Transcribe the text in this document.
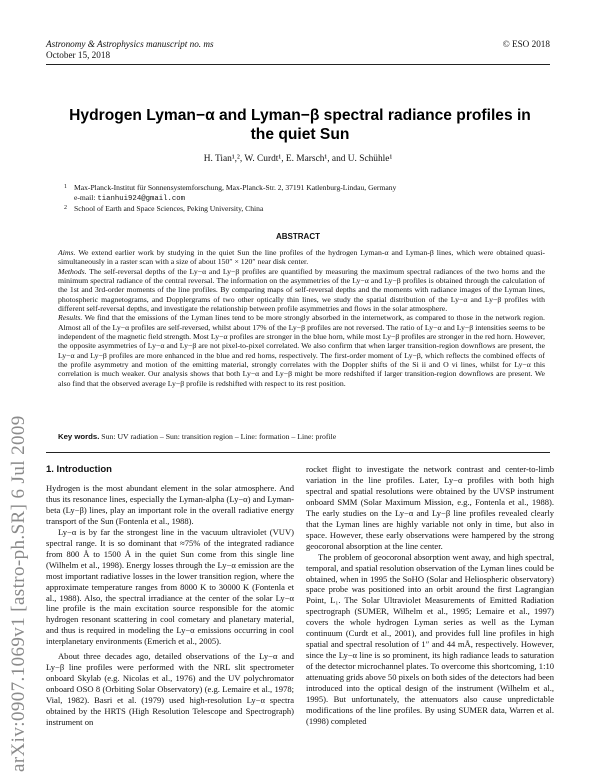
Astronomy & Astrophysics manuscript no. ms
October 15, 2018
© ESO 2018
arXiv:0907.1069v1 [astro-ph.SR] 6 Jul 2009
Hydrogen Lyman−α and Lyman−β spectral radiance profiles in the quiet Sun
H. Tian¹,², W. Curdt¹, E. Marsch¹, and U. Schühle¹
1 Max-Planck-Institut für Sonnensystemforschung, Max-Planck-Str. 2, 37191 Katlenburg-Lindau, Germany
e-mail: tianhui924@gmail.com
2 School of Earth and Space Sciences, Peking University, China
ABSTRACT

Aims. We extend earlier work by studying in the quiet Sun the line profiles of the hydrogen Lyman-α and Lyman-β lines, which were obtained quasi-simultaneously in a raster scan with a size of about 150″ × 120″ near disk center.

Methods. The self-reversal depths of the Ly−α and Ly−β profiles are quantified by measuring the maximum spectral radiances of the two horns and the minimum spectral radiance of the central reversal. The information on the asymmetries of the Ly−α and Ly−β profiles is obtained through the calculation of the 1st and 3rd-order moments of the line profiles. By comparing maps of self-reversal depths and the moments with radiance images of the Lyman lines, photospheric magnetograms, and Dopplergrams of two other optically thin lines, we study the spatial distribution of the Ly−α and Ly−β profiles with different self-reversal depths, and investigate the relationship between profile asymmetries and flows in the solar atmosphere.

Results. We find that the emissions of the Lyman lines tend to be more strongly absorbed in the internetwork, as compared to those in the network region. Almost all of the Ly−α profiles are self-reversed, whilst about 17% of the Ly−β profiles are not reversed. The ratio of Ly−α and Ly−β intensities seems to be independent of the magnetic field strength. Most Ly−α profiles are stronger in the blue horn, while most Ly−β profiles are stronger in the red horn. However, the opposite asymmetries of Ly−α and Ly−β are not pixel-to-pixel correlated. We also confirm that when larger transition-region downflows are present, the Ly−α and Ly−β profiles are more enhanced in the blue and red horns, respectively. The first-order moment of Ly−β, which reflects the combined effects of the profile asymmetry and motion of the emitting material, strongly correlates with the Doppler shifts of the Si ii and O vi lines, whilst for Ly−α this correlation is much weaker. Our analysis shows that both Ly−α and Ly−β might be more redshifted if larger transition-region downflows are present. We also find that the observed average Ly−β profile is redshifted with respect to its rest position.

Key words. Sun: UV radiation – Sun: transition region – Line: formation – Line: profile
1. Introduction

Hydrogen is the most abundant element in the solar atmosphere. And thus its resonance lines, especially the Lyman-alpha (Ly−α) and Lyman-beta (Ly−β) lines, play an important role in the overall radiative energy transport of the Sun (Fontenla et al., 1988).

Ly−α is by far the strongest line in the vacuum ultraviolet (VUV) spectral range. It is so dominant that ≈75% of the integrated radiance from 800 Å to 1500 Å in the quiet Sun come from this single line (Wilhelm et al., 1998). Energy losses through the Ly−α emission are the most important radiative losses in the lower transition region, where the approximate temperature ranges from 8000 K to 30000 K (Fontenla et al., 1988). Also, the spectral irradiance at the center of the solar Ly−α line profile is the main excitation source responsible for the atomic hydrogen resonant scattering in cool cometary and planetary material, and thus is required in modeling the Ly−α emissions occurring in cool interplanetary environments (Emerich et al., 2005).

About three decades ago, detailed observations of the Ly−α and Ly−β line profiles were performed with the NRL slit spectrometer onboard Skylab (e.g. Nicolas et al., 1976) and the UV polychromator onboard OSO 8 (Orbiting Solar Observatory) (e.g. Lemaire et al., 1978; Vial, 1982). Basri et al. (1979) used high-resolution Ly−α spectra obtained by the HRTS (High Resolution Telescope and Spectrograph) instrument on

rocket flight to investigate the network contrast and center-to-limb variation in the line profiles. Later, Ly−α profiles with both high spectral and spatial resolutions were obtained by the UVSP instrument onboard SMM (Solar Maximum Mission, e.g., Fontenla et al., 1988). The early studies on the Ly−α and Ly−β line profiles revealed clearly that the Lyman lines are highly variable not only in time, but also in space. However, these early observations were hampered by the strong geocoronal absorption at the line center.

The problem of geocoronal absorption went away, and high spectral, temporal, and spatial resolution observation of the Lyman lines could be obtained, when in 1995 the SoHO (Solar and Heliospheric observatory) space probe was positioned into an orbit around the first Lagrangian Point, L₁. The Solar Ultraviolet Measurements of Emitted Radiation spectrograph (SUMER, Wilhelm et al., 1995; Lemaire et al., 1997) covers the whole hydrogen Lyman series as well as the Lyman continuum (Curdt et al., 2001), and provides full line profiles in high spatial and spectral resolution of 1″ and 44 mÅ, respectively. However, since the Ly−α line is so prominent, its high radiance leads to saturation of the detector microchannel plates. To overcome this shortcoming, 1:10 attenuating grids above 50 pixels on both sides of the detectors had been introduced into the optical design of the instrument (Wilhelm et al., 1995). But unfortunately, the attenuators also cause unpredictable modifications of the line profiles. By using SUMER data, Warren et al. (1998) completed
